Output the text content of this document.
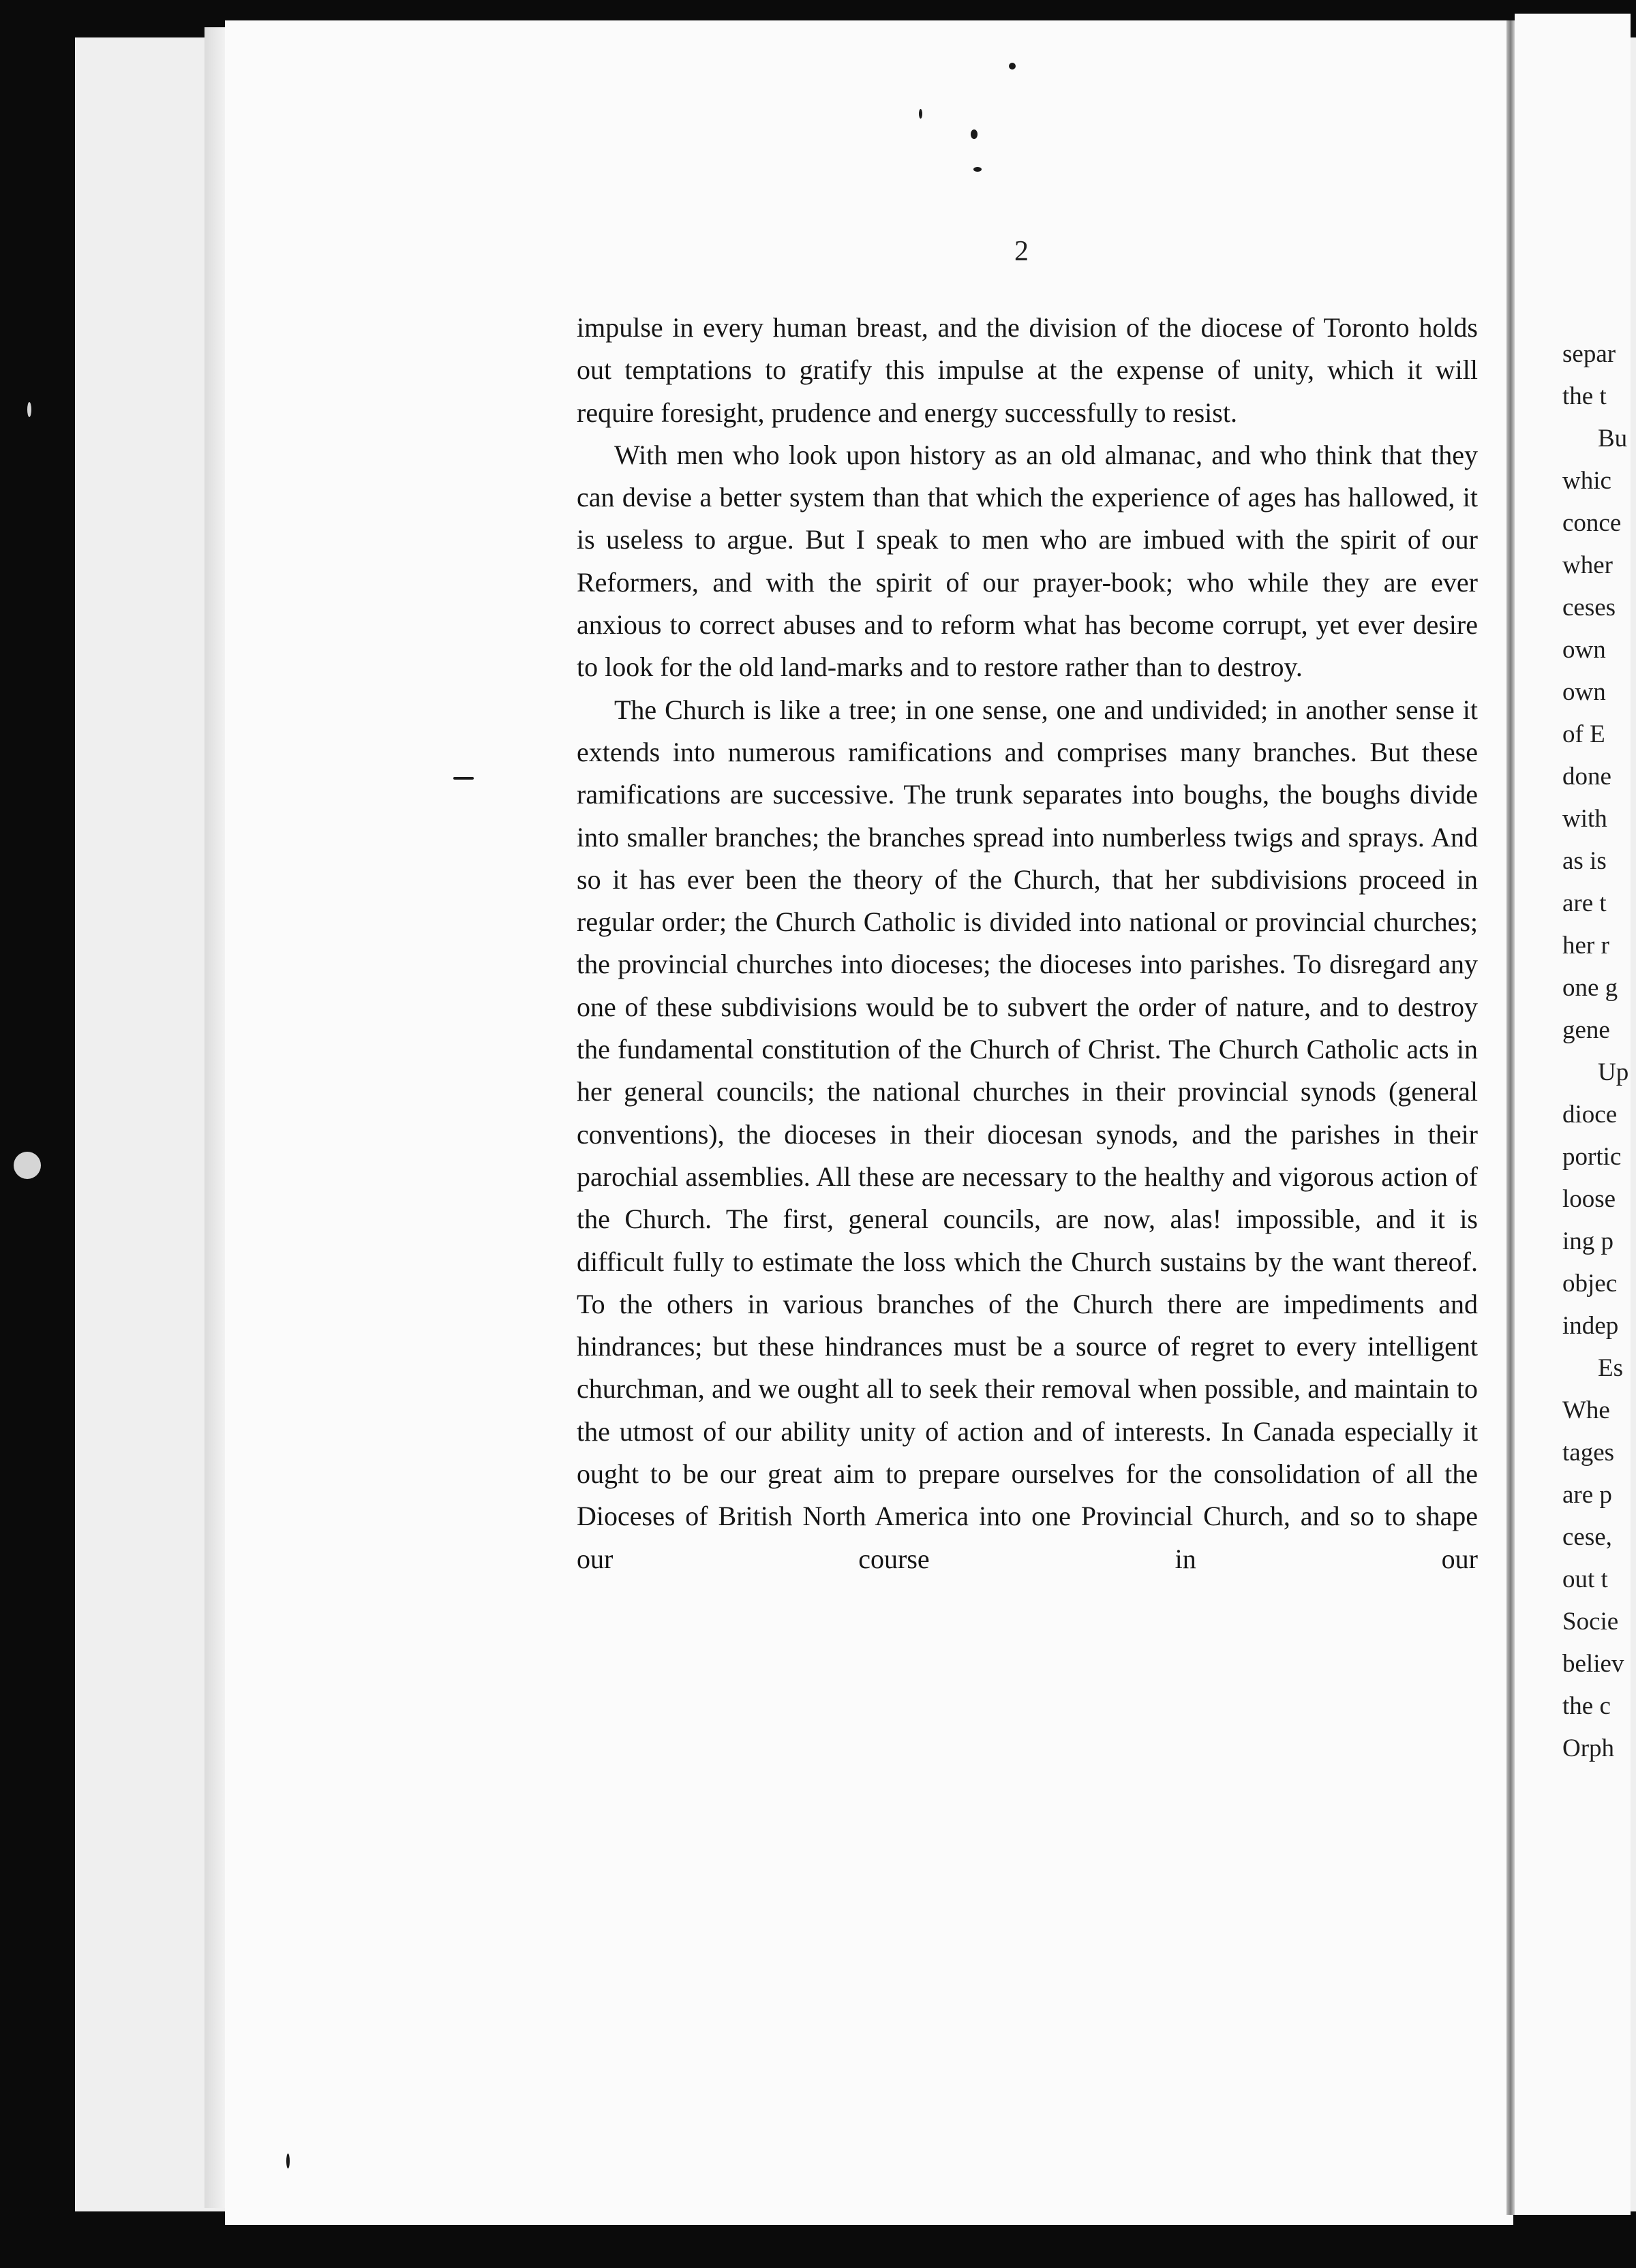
2

impulse in every human breast, and the division of the diocese of Toronto holds out temptations to gratify this impulse at the expense of unity, which it will require foresight, prudence and energy successfully to resist.

With men who look upon history as an old almanac, and who think that they can devise a better system than that which the experience of ages has hallowed, it is useless to argue. But I speak to men who are imbued with the spirit of our Reformers, and with the spirit of our prayer-book; who while they are ever anxious to correct abuses and to reform what has become corrupt, yet ever desire to look for the old land-marks and to restore rather than to destroy.

The Church is like a tree; in one sense, one and undivided; in another sense it extends into numerous ramifications and comprises many branches. But these ramifications are successive. The trunk separates into boughs, the boughs divide into smaller branches; the branches spread into numberless twigs and sprays. And so it has ever been the theory of the Church, that her subdivisions proceed in regular order; the Church Catholic is divided into national or provincial churches; the provincial churches into dioceses; the dioceses into parishes. To disregard any one of these subdivisions would be to subvert the order of nature, and to destroy the fundamental constitution of the Church of Christ. The Church Catholic acts in her general councils; the national churches in their provincial synods (general conventions), the dioceses in their diocesan synods, and the parishes in their parochial assemblies. All these are necessary to the healthy and vigorous action of the Church. The first, general councils, are now, alas! impossible, and it is difficult fully to estimate the loss which the Church sustains by the want thereof. To the others in various branches of the Church there are impediments and hindrances; but these hindrances must be a source of regret to every intelligent churchman, and we ought all to seek their removal when possible, and maintain to the utmost of our ability unity of action and of interests. In Canada especially it ought to be our great aim to prepare ourselves for the consolidation of all the Dioceses of British North America into one Provincial Church, and so to shape our course in our

separ
the t
Bu
whic
conce
wher
ceses
own
own
of E
done
with
as is
are t
her r
one g
gene
Up
dioce
portic
loose
ing p
objec
indep
Es
Whe
tages
are p
cese,
out t
Socie
believ
the c
Orph
